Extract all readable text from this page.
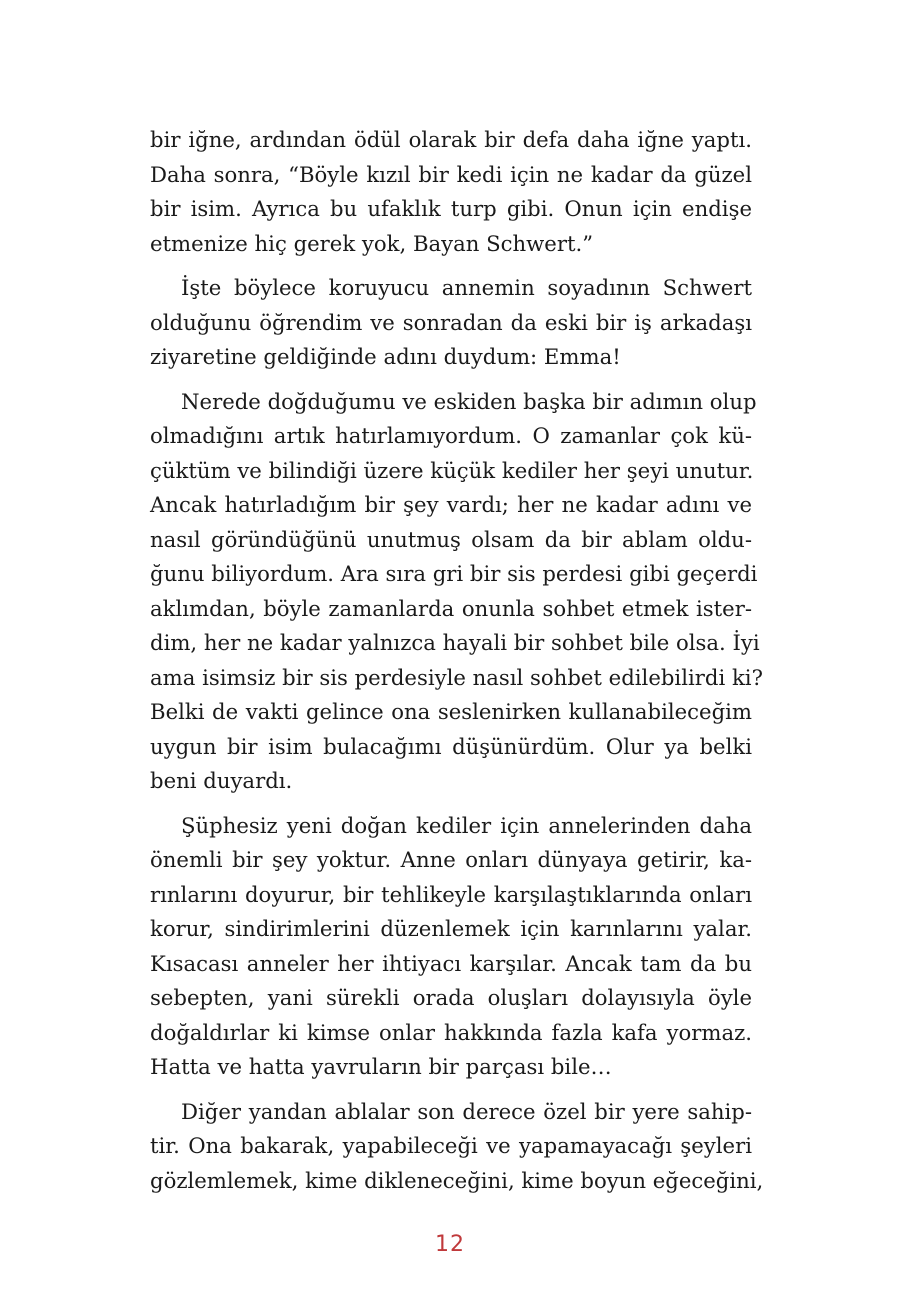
bir iğne, ardından ödül olarak bir defa daha iğne yaptı.
Daha sonra, “Böyle kızıl bir kedi için ne kadar da güzel
bir isim. Ayrıca bu ufaklık turp gibi. Onun için endişe
etmenize hiç gerek yok, Bayan Schwert.”
İşte böylece koruyucu annemin soyadının Schwert
olduğunu öğrendim ve sonradan da eski bir iş arkadaşı
ziyaretine geldiğinde adını duydum: Emma!
Nerede doğduğumu ve eskiden başka bir adımın olup
olmadığını artık hatırlamıyordum. O zamanlar çok kü-
çüktüm ve bilindiği üzere küçük kediler her şeyi unutur.
Ancak hatırladığım bir şey vardı; her ne kadar adını ve
nasıl göründüğünü unutmuş olsam da bir ablam oldu-
ğunu biliyordum. Ara sıra gri bir sis perdesi gibi geçerdi
aklımdan, böyle zamanlarda onunla sohbet etmek ister-
dim, her ne kadar yalnızca hayali bir sohbet bile olsa. İyi
ama isimsiz bir sis perdesiyle nasıl sohbet edilebilirdi ki?
Belki de vakti gelince ona seslenirken kullanabileceğim
uygun bir isim bulacağımı düşünürdüm. Olur ya belki
beni duyardı.
Şüphesiz yeni doğan kediler için annelerinden daha
önemli bir şey yoktur. Anne onları dünyaya getirir, ka-
rınlarını doyurur, bir tehlikeyle karşılaştıklarında onları
korur, sindirimlerini düzenlemek için karınlarını yalar.
Kısacası anneler her ihtiyacı karşılar. Ancak tam da bu
sebepten, yani sürekli orada oluşları dolayısıyla öyle
doğaldırlar ki kimse onlar hakkında fazla kafa yormaz.
Hatta ve hatta yavruların bir parçası bile…
Diğer yandan ablalar son derece özel bir yere sahip-
tir. Ona bakarak, yapabileceği ve yapamayacağı şeyleri
gözlemlemek, kime dikleneceğini, kime boyun eğeceğini,
12
